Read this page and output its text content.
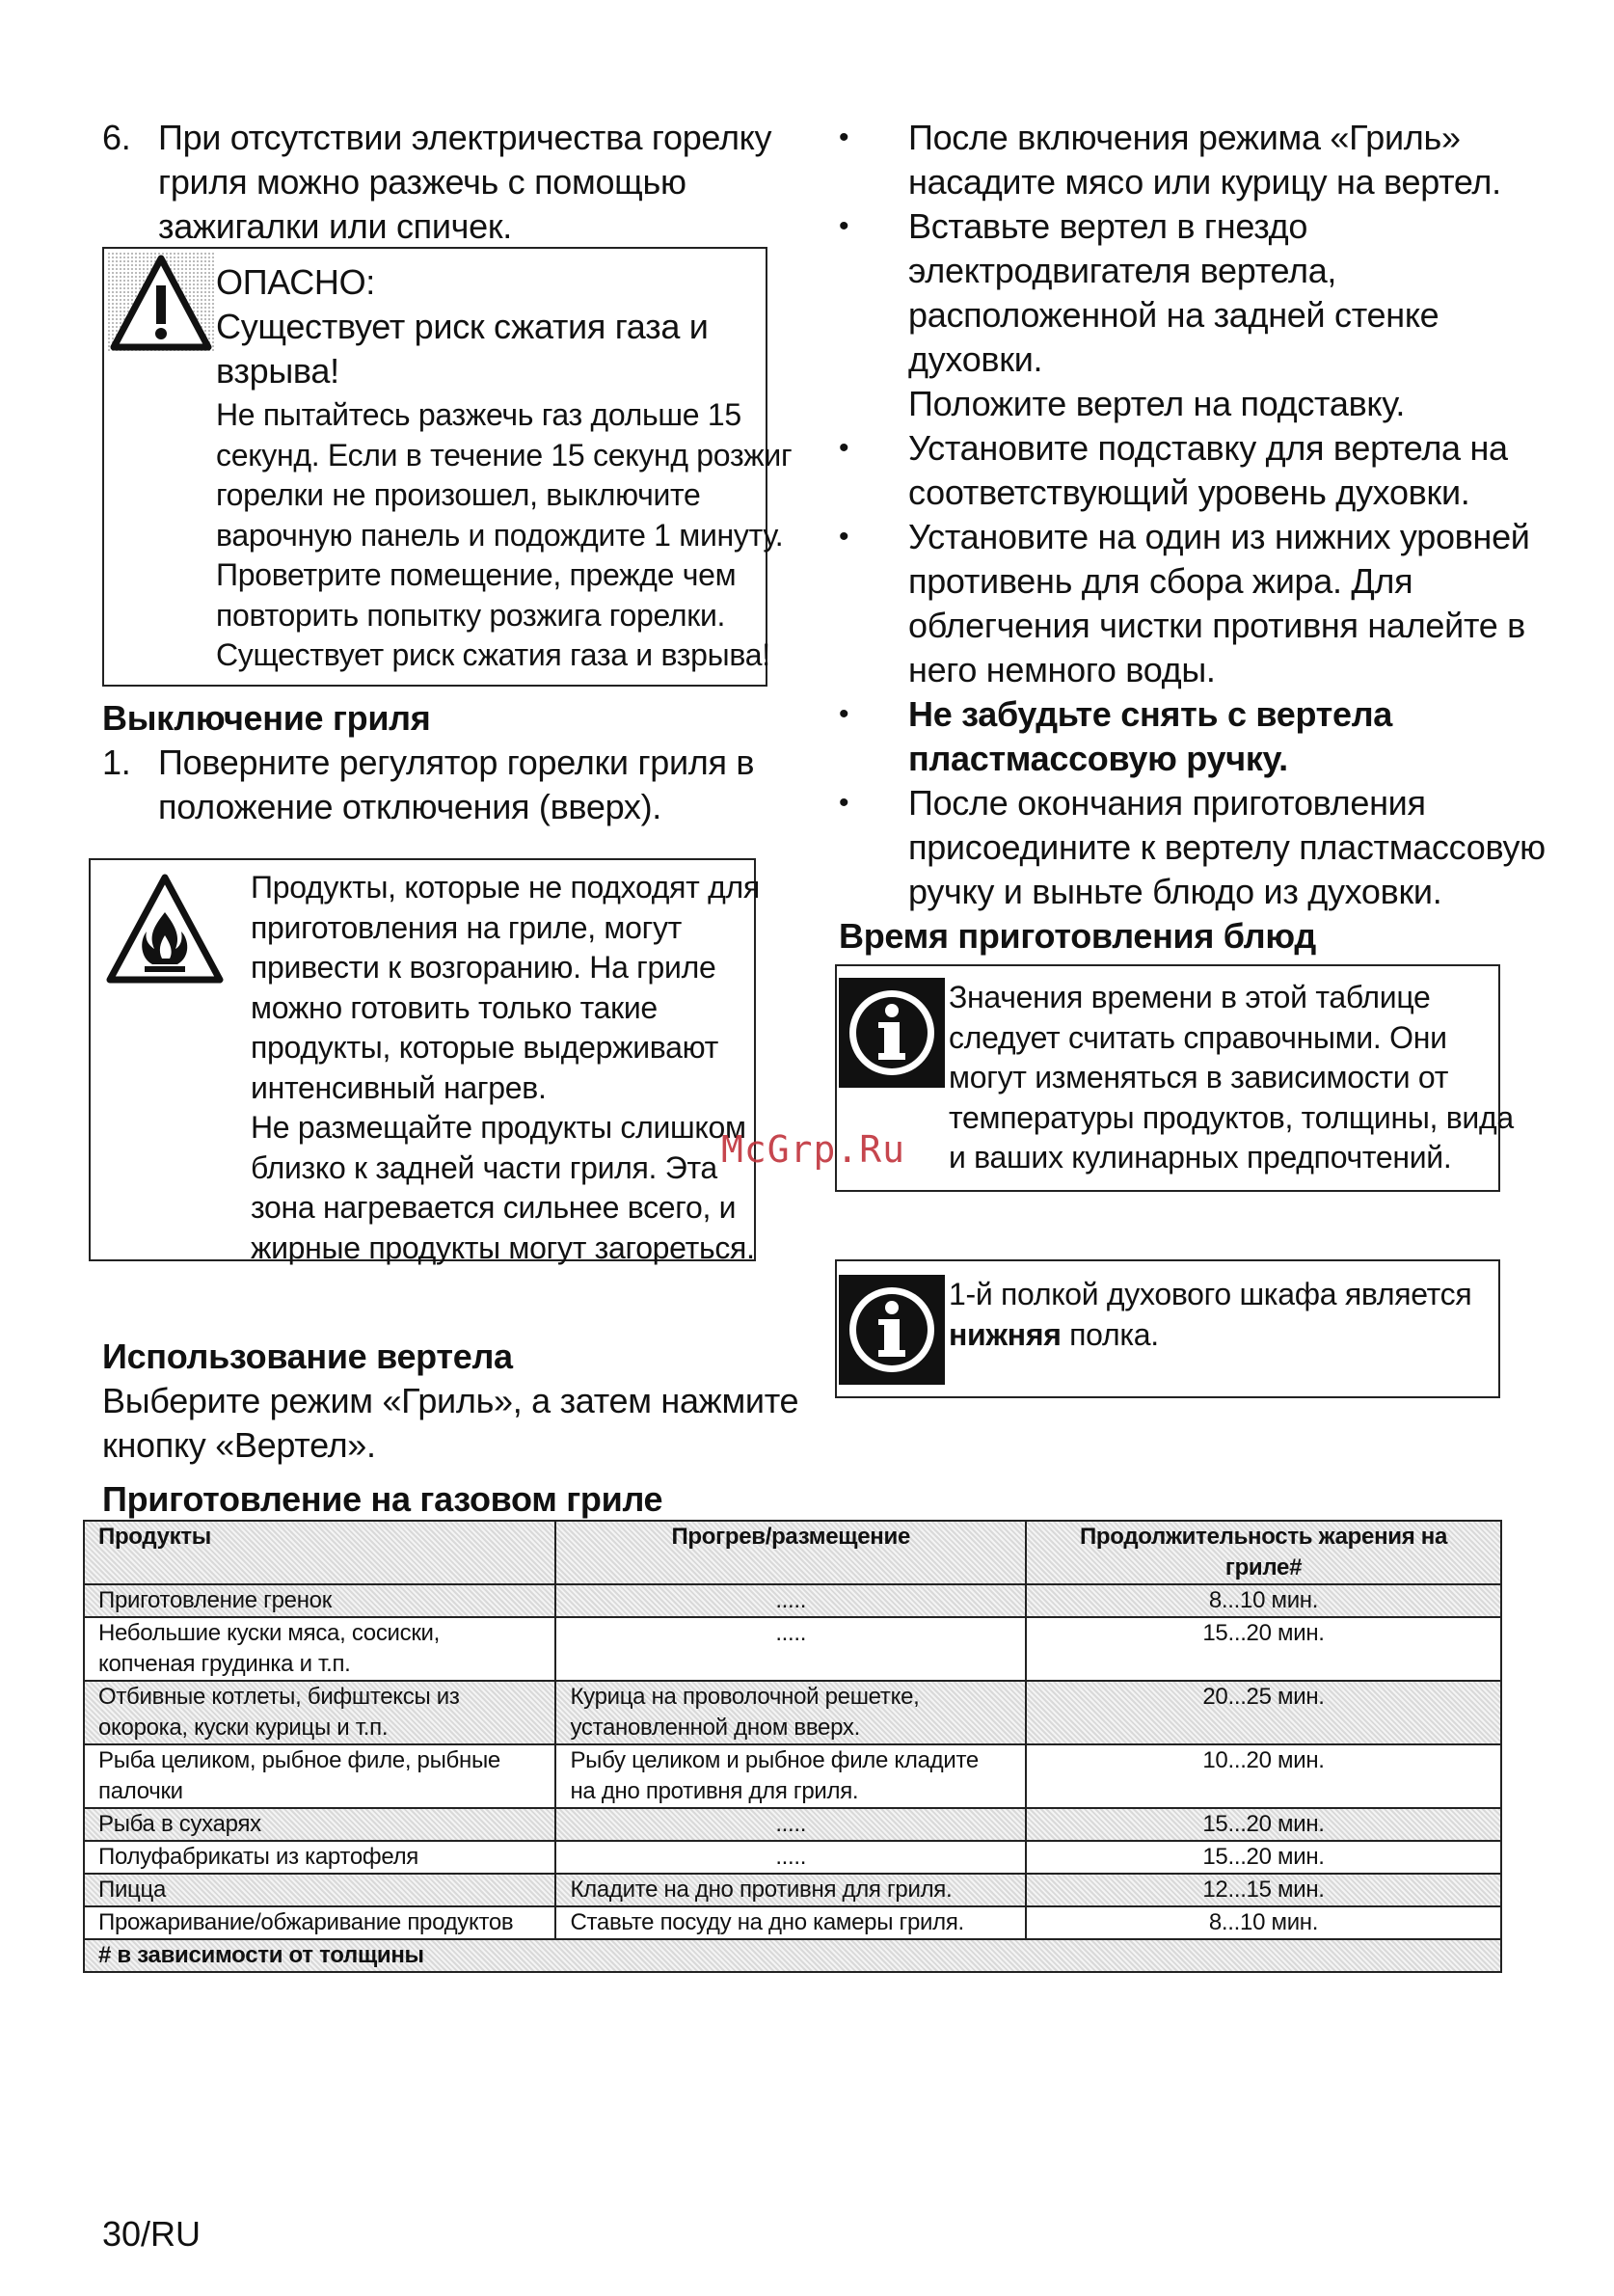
6. При отсутствии электричества горелку
гриля можно разжечь с помощью
зажигалки или спичек.
ОПАСНО:
Существует риск сжатия газа и
взрыва!
Не пытайтесь разжечь газ дольше 15
секунд. Если в течение 15 секунд розжиг
горелки не произошел, выключите
варочную панель и подождите 1 минуту.
Проветрите помещение, прежде чем
повторить попытку розжига горелки.
Существует риск сжатия газа и взрыва!
Выключение гриля
1. Поверните регулятор горелки гриля в
положение отключения (вверх).
Продукты, которые не подходят для
приготовления на гриле, могут
привести к возгоранию. На гриле
можно готовить только такие
продукты, которые выдерживают
интенсивный нагрев.
Не размещайте продукты слишком
близко к задней части гриля. Эта
зона нагревается сильнее всего, и
жирные продукты могут загореться.
Использование вертела
Выберите режим «Гриль», а затем нажмите
кнопку «Вертел».
• После включения режима «Гриль»
насадите мясо или курицу на вертел.
• Вставьте вертел в гнездо
электродвигателя вертела,
расположенной на задней стенке
духовки.
Положите вертел на подставку.
• Установите подставку для вертела на
соответствующий уровень духовки.
• Установите на один из нижних уровней
противень для сбора жира. Для
облегчения чистки противня налейте в
него немного воды.
• Не забудьте снять с вертела
пластмассовую ручку.
• После окончания приготовления
присоедините к вертелу пластмассовую
ручку и выньте блюдо из духовки.
Время приготовления блюд
Значения времени в этой таблице
следует считать справочными. Они
могут изменяться в зависимости от
температуры продуктов, толщины, вида
и ваших кулинарных предпочтений.
1-й полкой духового шкафа является
нижняя полка.
McGrp.Ru
Приготовление на газовом гриле
Продукты	Прогрев/размещение	Продолжительность жарения на
гриле#

Приготовление гренок	.....	8...10 мин.

Небольшие куски мяса, сосиски,
копченая грудинка и т.п.	.....	15...20 мин.

Отбивные котлеты, бифштексы из
окорока, куски курицы и т.п.	Курица на проволочной решетке,
установленной дном вверх.	20...25 мин.

Рыба целиком, рыбное филе, рыбные
палочки	Рыбу целиком и рыбное филе кладите
на дно противня для гриля.	10...20 мин.
Рыба в сухарях	.....	15...20 мин.
Полуфабрикаты из картофеля	.....	15...20 мин.
Пицца	Кладите на дно противня для гриля.	12...15 мин.
Прожаривание/обжаривание продуктов	Ставьте посуду на дно камеры гриля.	8...10 мин.
# в зависимости от толщины		
30/RU
